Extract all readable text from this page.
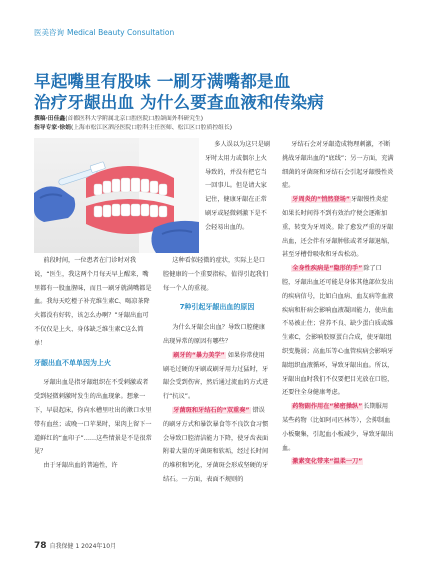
医美咨询 Medical Beauty Consultation
早起嘴里有股味 一刷牙满嘴都是血
治疗牙龈出血 为什么要查血液和传染病
撰稿·田佳鑫(首都医科大学附属北京口腔医院口腔颌面外科研究生)
指导专家·徐娟(上海市松江区泗泾医院口腔科主任医师、松江区口腔质控组长)

多人误以为这只是刷牙时太用力或偶尔上火导致的，并没有把它当一回事儿。但是请大家记住，健康牙龈在正常刷牙或轻微刺激下是不会轻易出血的。

前段时间，一位患者在门诊时对我说，“医生，我这两个月每天早上醒来，嘴里都有一股血腥味，而且一刷牙就满嘴都是血。我每天吃橙子补充维生素C、喝凉茶降火都没有好转，该怎么办啊？”牙龈出血可不仅仅是上火、身体缺乏维生素C这么简单！

牙龈出血不单单因为上火

牙龈出血是指牙龈组织在不受刺激或者受到轻微刺激时发生的出血现象。想象一下，早晨起床，你向水槽里吐出的漱口水里带有血丝；或晚一口苹果时，果肉上留下一道鲜红的“血印子”……这些情景是不是很常见？

由于牙龈出血的普遍性，许

这种看似轻微的症状，实际上是口腔健康的一个重要指标，值得引起我们每一个人的重视。

7种引起牙龈出血的原因

为什么牙龈会出血？导致口腔健康出现异常的原因有哪些？

刷牙的“暴力美学” 如果你常使用刷毛过硬的牙刷或刷牙用力过猛时，牙龈会受到伤害，然后通过流血的方式进行“抗议”。

牙菌斑和牙结石的“双重奏” 错误的刷牙方式和暴饮暴食等不良饮食习惯会导致口腔清洁能力下降，使牙齿表面附着大量的牙菌斑和软垢，经过长时间的堆积和钙化，牙菌斑会形成坚硬的牙结石。一方面，表面不规则的

牙结石会对牙龈造成物理刺激，不断挑战牙龈出血的“底线”；另一方面，充满细菌的牙菌斑和牙结石会引起牙龈慢性炎症。

牙周炎的“悄然登场”牙龈慢性炎症如果长时间得不到有效治疗便会逐渐加重，转变为牙周炎。除了愈发严重的牙龈出血，还会伴有牙龈肿胀或者牙龈退缩，甚至牙槽骨吸收和牙齿松动。

全身性疾病是“隐形的手”除了口腔，牙龈出血还可能是身体其他部位发出的疾病信号，比如白血病、血友病等血液疾病和肝病会影响血液凝固能力，使出血不易被止住；营养不良、缺少蛋白质或维生素C，会影响胶原蛋白合成，使牙龈组织变脆弱；高血压等心血管疾病会影响牙龈组织血液循环，导致牙龈出血。所以，牙龈出血时我们不仅要把目光放在口腔，还要往全身健康考虑。

药物副作用在“秘密操纵”长期服用某些药物（比如阿司匹林等），会抑制血小板聚集，引起血小板减少，导致牙龈出血。

激素变化带来“温柔一刀”

78 自我保健 1 2024年10月
